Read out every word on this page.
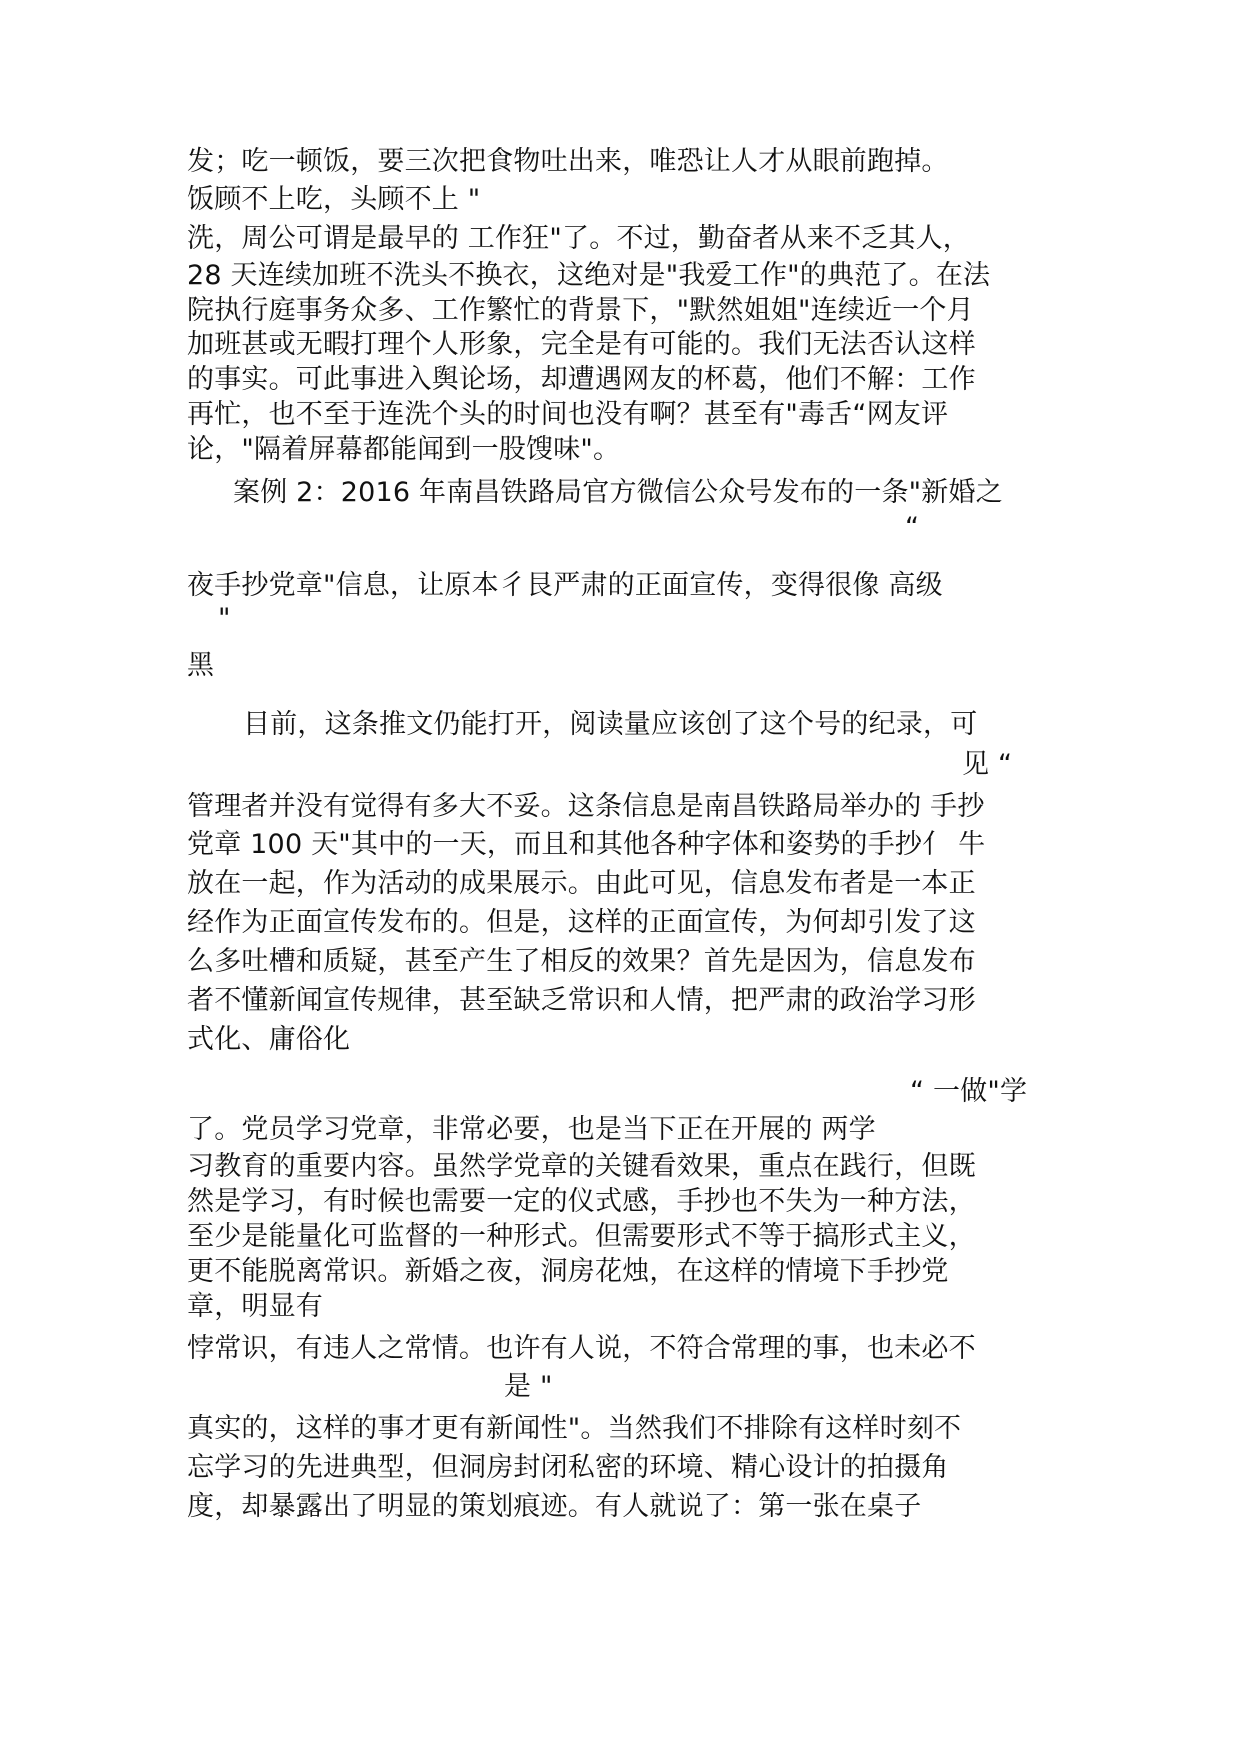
发；吃一顿饭，要三次把食物吐出来，唯恐让人才从眼前跑掉。
饭顾不上吃，头顾不上 "
洗，周公可谓是最早的 工作狂"了。不过，勤奋者从来不乏其人，
28 天连续加班不洗头不换衣，这绝对是"我爱工作"的典范了。在法
院执行庭事务众多、工作繁忙的背景下，"默然姐姐"连续近一个月
加班甚或无暇打理个人形象，完全是有可能的。我们无法否认这样
的事实。可此事进入舆论场，却遭遇网友的杯葛，他们不解：工作
再忙，也不至于连洗个头的时间也没有啊？甚至有"毒舌“网友评
论，"隔着屏幕都能闻到一股馊味"。
案例 2：2016 年南昌铁路局官方微信公众号发布的一条"新婚之
“
夜手抄党章"信息，让原本彳艮严肃的正面宣传，变得很像 高级
"
黑
目前，这条推文仍能打开，阅读量应该创了这个号的纪录，可
见 “
管理者并没有觉得有多大不妥。这条信息是南昌铁路局举办的 手抄
党章 100 天"其中的一天，而且和其他各种字体和姿势的手抄亻 牛
放在一起，作为活动的成果展示。由此可见，信息发布者是一本正
经作为正面宣传发布的。但是，这样的正面宣传，为何却引发了这
么多吐槽和质疑，甚至产生了相反的效果？首先是因为，信息发布
者不懂新闻宣传规律，甚至缺乏常识和人情，把严肃的政治学习形
式化、庸俗化
“ 一做"学
了。党员学习党章，非常必要，也是当下正在开展的 两学
习教育的重要内容。虽然学党章的关键看效果，重点在践行，但既
然是学习，有时候也需要一定的仪式感，手抄也不失为一种方法，
至少是能量化可监督的一种形式。但需要形式不等于搞形式主义，
更不能脱离常识。新婚之夜，洞房花烛，在这样的情境下手抄党
章，明显有
悖常识，有违人之常情。也许有人说，不符合常理的事，也未必不
是 "
真实的，这样的事才更有新闻性"。当然我们不排除有这样时刻不
忘学习的先进典型，但洞房封闭私密的环境、精心设计的拍摄角
度，却暴露出了明显的策划痕迹。有人就说了：第一张在桌子
